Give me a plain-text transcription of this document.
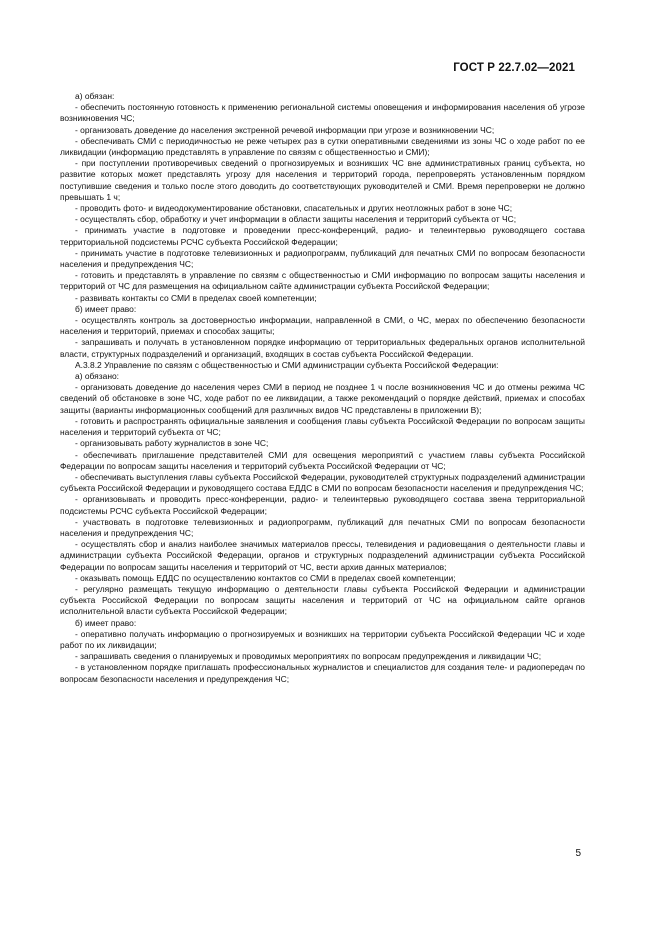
ГОСТ Р 22.7.02—2021

а) обязан:

- обеспечить постоянную готовность к применению региональной системы оповещения и информирования населения об угрозе возникновения ЧС;

- организовать доведение до населения экстренной речевой информации при угрозе и возникновении ЧС;

- обеспечивать СМИ с периодичностью не реже четырех раз в сутки оперативными сведениями из зоны ЧС о ходе работ по ее ликвидации (информацию представлять в управление по связям с общественностью и СМИ);

- при поступлении противоречивых сведений о прогнозируемых и возникших ЧС вне административных границ субъекта, но развитие которых может представлять угрозу для населения и территорий города, перепроверять установленным порядком поступившие сведения и только после этого доводить до соответствующих руководителей и СМИ. Время перепроверки не должно превышать 1 ч;

- проводить фото- и видеодокументирование обстановки, спасательных и других неотложных работ в зоне ЧС;

- осуществлять сбор, обработку и учет информации в области защиты населения и территорий субъекта от ЧС;

- принимать участие в подготовке и проведении пресс-конференций, радио- и телеинтервью руководящего состава территориальной подсистемы РСЧС субъекта Российской Федерации;

- принимать участие в подготовке телевизионных и радиопрограмм, публикаций для печатных СМИ по вопросам безопасности населения и предупреждения ЧС;

- готовить и представлять в управление по связям с общественностью и СМИ информацию по вопросам защиты населения и территорий от ЧС для размещения на официальном сайте администрации субъекта Российской Федерации;

- развивать контакты со СМИ в пределах своей компетенции;

б) имеет право:

- осуществлять контроль за достоверностью информации, направленной в СМИ, о ЧС, мерах по обеспечению безопасности населения и территорий, приемах и способах защиты;

- запрашивать и получать в установленном порядке информацию от территориальных федеральных органов исполнительной власти, структурных подразделений и организаций, входящих в состав субъекта Российской Федерации.

А.3.8.2 Управление по связям с общественностью и СМИ администрации субъекта Российской Федерации:

а) обязано:

- организовать доведение до населения через СМИ в период не позднее 1 ч после возникновения ЧС и до отмены режима ЧС сведений об обстановке в зоне ЧС, ходе работ по ее ликвидации, а также рекомендаций о порядке действий, приемах и способах защиты (варианты информационных сообщений для различных видов ЧС представлены в приложении В);

- готовить и распространять официальные заявления и сообщения главы субъекта Российской Федерации по вопросам защиты населения и территорий субъекта от ЧС;

- организовывать работу журналистов в зоне ЧС;

- обеспечивать приглашение представителей СМИ для освещения мероприятий с участием главы субъекта Российской Федерации по вопросам защиты населения и территорий субъекта Российской Федерации от ЧС;

- обеспечивать выступления главы субъекта Российской Федерации, руководителей структурных подразделений администрации субъекта Российской Федерации и руководящего состава ЕДДС в СМИ по вопросам безопасности населения и предупреждения ЧС;

- организовывать и проводить пресс-конференции, радио- и телеинтервью руководящего состава звена территориальной подсистемы РСЧС субъекта Российской Федерации;

- участвовать в подготовке телевизионных и радиопрограмм, публикаций для печатных СМИ по вопросам безопасности населения и предупреждения ЧС;

- осуществлять сбор и анализ наиболее значимых материалов прессы, телевидения и радиовещания о деятельности главы и администрации субъекта Российской Федерации, органов и структурных подразделений администрации субъекта Российской Федерации по вопросам защиты населения и территорий от ЧС, вести архив данных материалов;

- оказывать помощь ЕДДС по осуществлению контактов со СМИ в пределах своей компетенции;

- регулярно размещать текущую информацию о деятельности главы субъекта Российской Федерации и администрации субъекта Российской Федерации по вопросам защиты населения и территорий от ЧС на официальном сайте органов исполнительной власти субъекта Российской Федерации;

б) имеет право:

- оперативно получать информацию о прогнозируемых и возникших на территории субъекта Российской Федерации ЧС и ходе работ по их ликвидации;

- запрашивать сведения о планируемых и проводимых мероприятиях по вопросам предупреждения и ликвидации ЧС;

- в установленном порядке приглашать профессиональных журналистов и специалистов для создания теле- и радиопередач по вопросам безопасности населения и предупреждения ЧС;

5
